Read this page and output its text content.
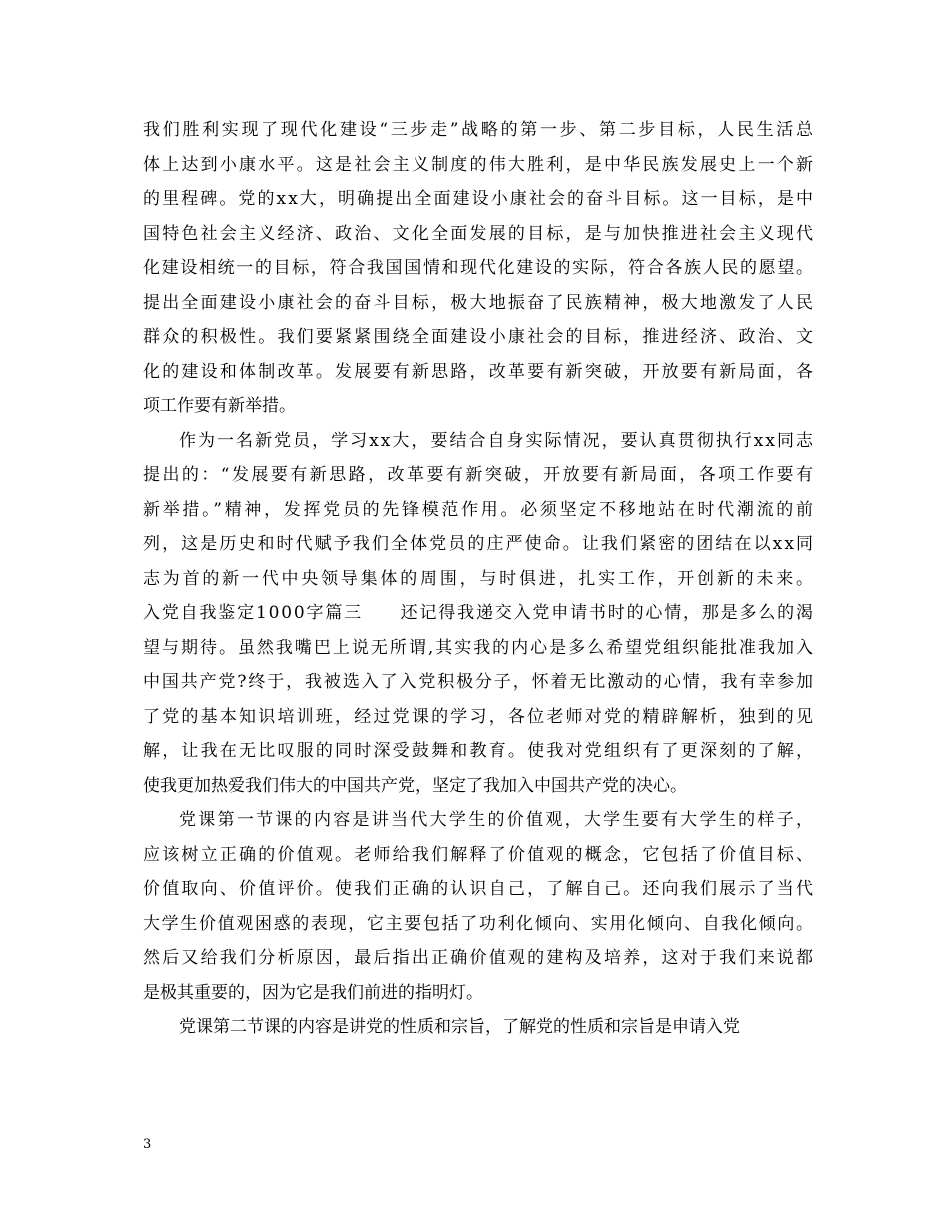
我们胜利实现了现代化建设“三步走”战略的第一步、第二步目标，人民生活总
体上达到小康水平。这是社会主义制度的伟大胜利，是中华民族发展史上一个新
的里程碑。党的xx大，明确提出全面建设小康社会的奋斗目标。这一目标，是中
国特色社会主义经济、政治、文化全面发展的目标，是与加快推进社会主义现代
化建设相统一的目标，符合我国国情和现代化建设的实际，符合各族人民的愿望。
提出全面建设小康社会的奋斗目标，极大地振奋了民族精神，极大地激发了人民
群众的积极性。我们要紧紧围绕全面建设小康社会的目标，推进经济、政治、文
化的建设和体制改革。发展要有新思路，改革要有新突破，开放要有新局面，各
项工作要有新举措。
作为一名新党员，学习xx大，要结合自身实际情况，要认真贯彻执行xx同志
提出的：“发展要有新思路，改革要有新突破，开放要有新局面，各项工作要有
新举措。”精神，发挥党员的先锋模范作用。必须坚定不移地站在时代潮流的前
列，这是历史和时代赋予我们全体党员的庄严使命。让我们紧密的团结在以xx同
志为首的新一代中央领导集体的周围，与时俱进，扎实工作，开创新的未来。
入党自我鉴定1000字篇三　　还记得我递交入党申请书时的心情，那是多么的渴
望与期待。虽然我嘴巴上说无所谓,其实我的内心是多么希望党组织能批准我加入
中国共产党?终于，我被选入了入党积极分子，怀着无比激动的心情，我有幸参加
了党的基本知识培训班，经过党课的学习，各位老师对党的精辟解析，独到的见
解，让我在无比叹服的同时深受鼓舞和教育。使我对党组织有了更深刻的了解，
使我更加热爱我们伟大的中国共产党，坚定了我加入中国共产党的决心。
党课第一节课的内容是讲当代大学生的价值观，大学生要有大学生的样子，
应该树立正确的价值观。老师给我们解释了价值观的概念，它包括了价值目标、
价值取向、价值评价。使我们正确的认识自己，了解自己。还向我们展示了当代
大学生价值观困惑的表现，它主要包括了功利化倾向、实用化倾向、自我化倾向。
然后又给我们分析原因，最后指出正确价值观的建构及培养，这对于我们来说都
是极其重要的，因为它是我们前进的指明灯。
党课第二节课的内容是讲党的性质和宗旨，了解党的性质和宗旨是申请入党
3
